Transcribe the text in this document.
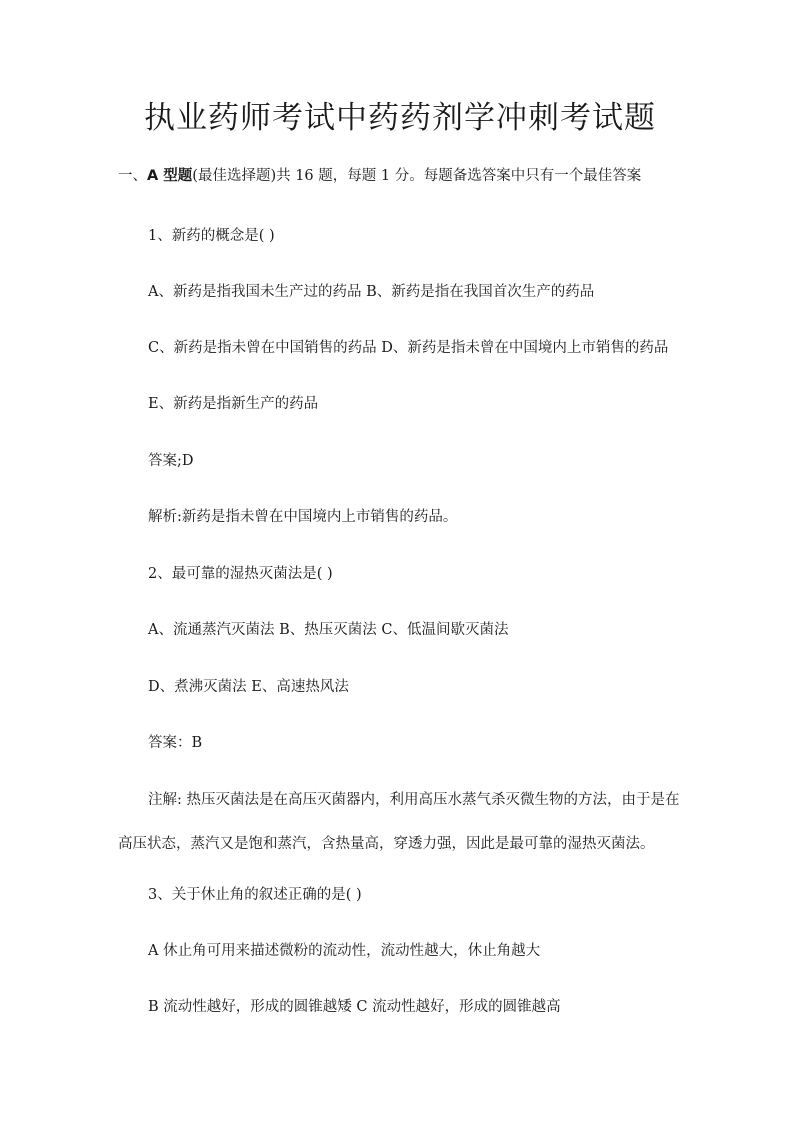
执业药师考试中药药剂学冲刺考试题
一、A 型题(最佳选择题)共 16 题，每题 1 分。每题备选答案中只有一个最佳答案
1、新药的概念是( )
A、新药是指我国未生产过的药品 B、新药是指在我国首次生产的药品
C、新药是指未曾在中国销售的药品 D、新药是指未曾在中国境内上市销售的药品
E、新药是指新生产的药品
答案;D
解析:新药是指未曾在中国境内上市销售的药品。
2、最可靠的湿热灭菌法是( )
A、流通蒸汽灭菌法 B、热压灭菌法 C、低温间歇灭菌法
D、煮沸灭菌法 E、高速热风法
答案：B
注解: 热压灭菌法是在高压灭菌器内，利用高压水蒸气杀灭微生物的方法，由于是在高压状态，蒸汽又是饱和蒸汽，含热量高，穿透力强，因此是最可靠的湿热灭菌法。
3、关于休止角的叙述正确的是( )
A 休止角可用来描述微粉的流动性，流动性越大，休止角越大
B 流动性越好，形成的圆锥越矮 C 流动性越好，形成的圆锥越高
